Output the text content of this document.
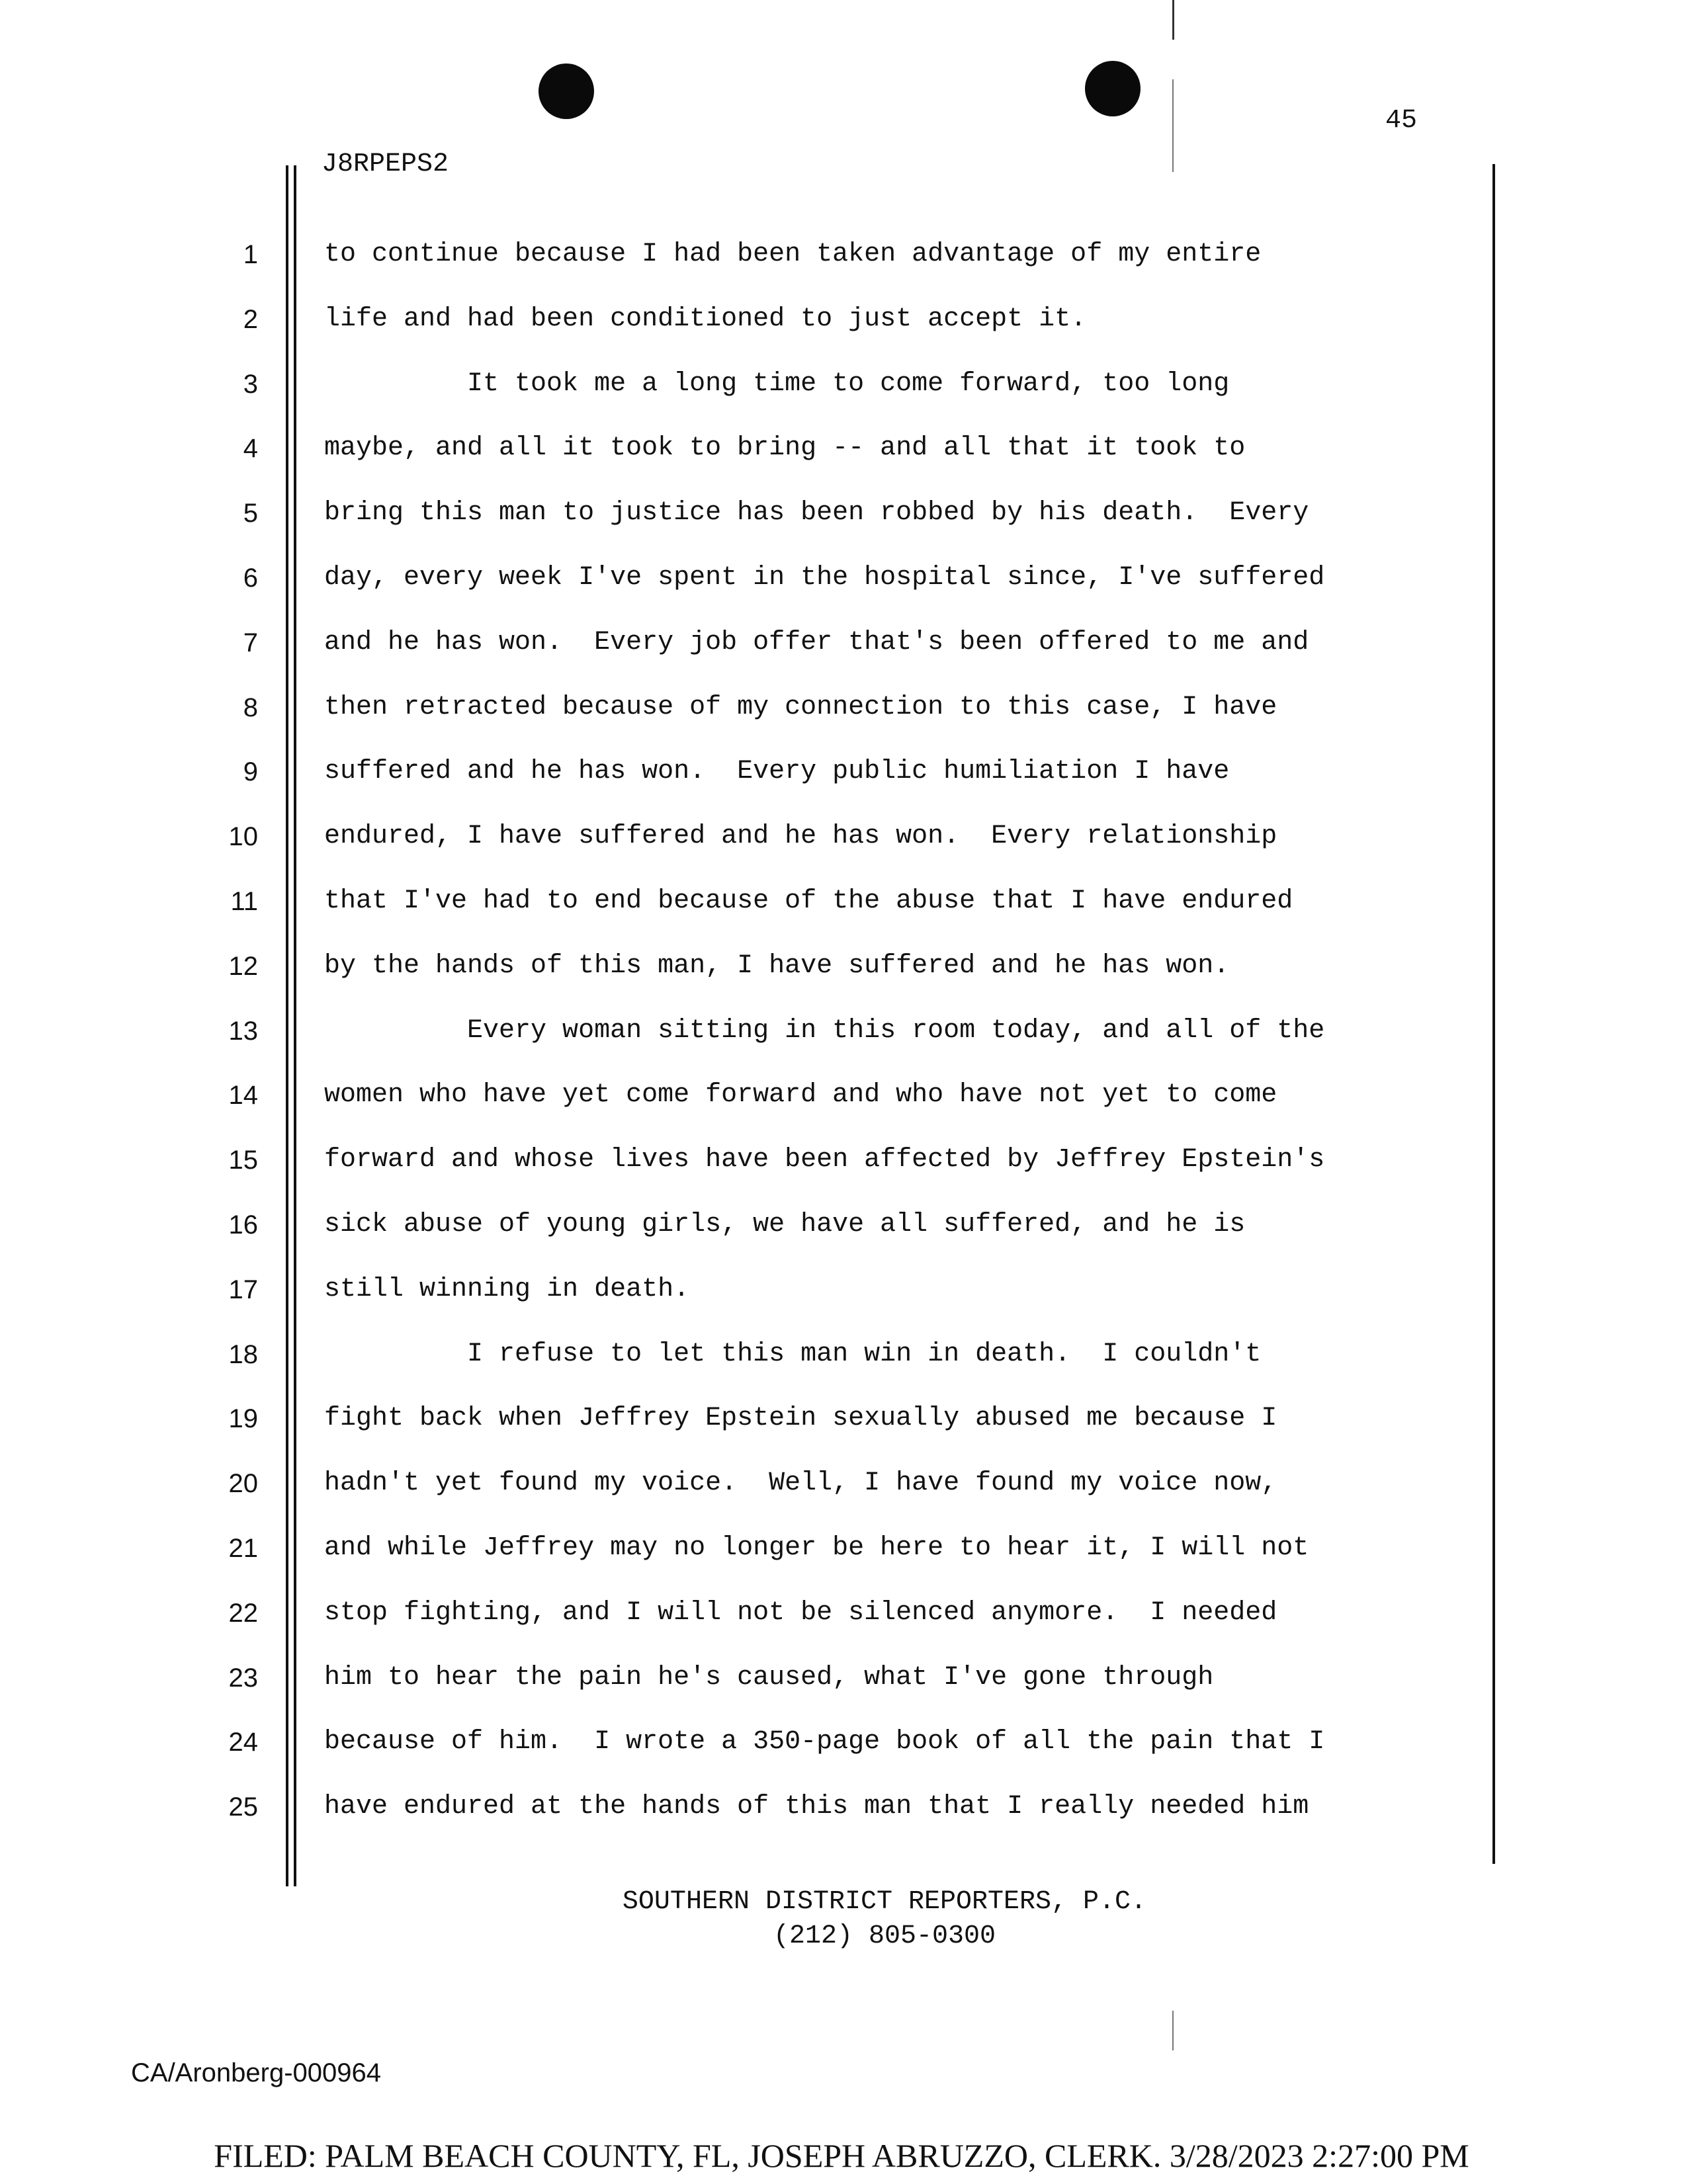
45
J8RPEPS2
1
2
3
4
5
6
7
8
9
10
11
12
13
14
15
16
17
18
19
20
21
22
23
24
25
to continue because I had been taken advantage of my entire
life and had been conditioned to just accept it.
It took me a long time to come forward, too long
maybe, and all it took to bring -- and all that it took to
bring this man to justice has been robbed by his death.  Every
day, every week I've spent in the hospital since, I've suffered
and he has won.  Every job offer that's been offered to me and
then retracted because of my connection to this case, I have
suffered and he has won.  Every public humiliation I have
endured, I have suffered and he has won.  Every relationship
that I've had to end because of the abuse that I have endured
by the hands of this man, I have suffered and he has won.
Every woman sitting in this room today, and all of the
women who have yet come forward and who have not yet to come
forward and whose lives have been affected by Jeffrey Epstein's
sick abuse of young girls, we have all suffered, and he is
still winning in death.
I refuse to let this man win in death.  I couldn't
fight back when Jeffrey Epstein sexually abused me because I
hadn't yet found my voice.  Well, I have found my voice now,
and while Jeffrey may no longer be here to hear it, I will not
stop fighting, and I will not be silenced anymore.  I needed
him to hear the pain he's caused, what I've gone through
because of him.  I wrote a 350-page book of all the pain that I
have endured at the hands of this man that I really needed him
SOUTHERN DISTRICT REPORTERS, P.C.
(212) 805-0300
CA/Aronberg-000964
FILED: PALM BEACH COUNTY, FL, JOSEPH ABRUZZO, CLERK. 3/28/2023 2:27:00 PM
